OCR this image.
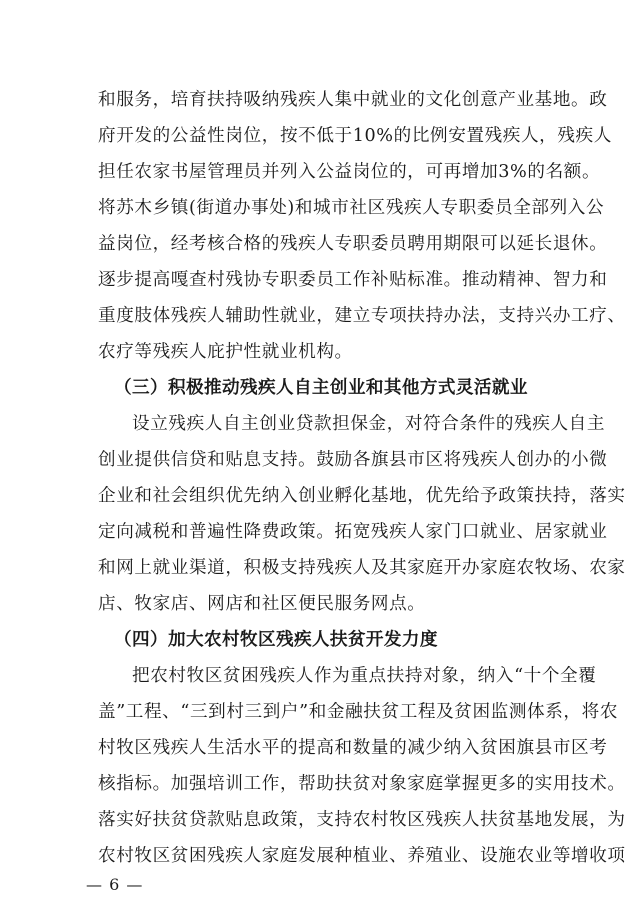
和服务，培育扶持吸纳残疾人集中就业的文化创意产业基地。政
府开发的公益性岗位，按不低于10%的比例安置残疾人，残疾人
担任农家书屋管理员并列入公益岗位的，可再增加3%的名额。
将苏木乡镇(街道办事处)和城市社区残疾人专职委员全部列入公
益岗位，经考核合格的残疾人专职委员聘用期限可以延长退休。
逐步提高嘎查村残协专职委员工作补贴标准。推动精神、智力和
重度肢体残疾人辅助性就业，建立专项扶持办法，支持兴办工疗、
农疗等残疾人庇护性就业机构。
（三）积极推动残疾人自主创业和其他方式灵活就业
设立残疾人自主创业贷款担保金，对符合条件的残疾人自主
创业提供信贷和贴息支持。鼓励各旗县市区将残疾人创办的小微
企业和社会组织优先纳入创业孵化基地，优先给予政策扶持，落实
定向减税和普遍性降费政策。拓宽残疾人家门口就业、居家就业
和网上就业渠道，积极支持残疾人及其家庭开办家庭农牧场、农家
店、牧家店、网店和社区便民服务网点。
（四）加大农村牧区残疾人扶贫开发力度
把农村牧区贫困残疾人作为重点扶持对象，纳入“十个全覆
盖”工程、“三到村三到户”和金融扶贫工程及贫困监测体系，将农
村牧区残疾人生活水平的提高和数量的减少纳入贫困旗县市区考
核指标。加强培训工作，帮助扶贫对象家庭掌握更多的实用技术。
落实好扶贫贷款贴息政策，支持农村牧区残疾人扶贫基地发展，为
农村牧区贫困残疾人家庭发展种植业、养殖业、设施农业等增收项
— 6 —
